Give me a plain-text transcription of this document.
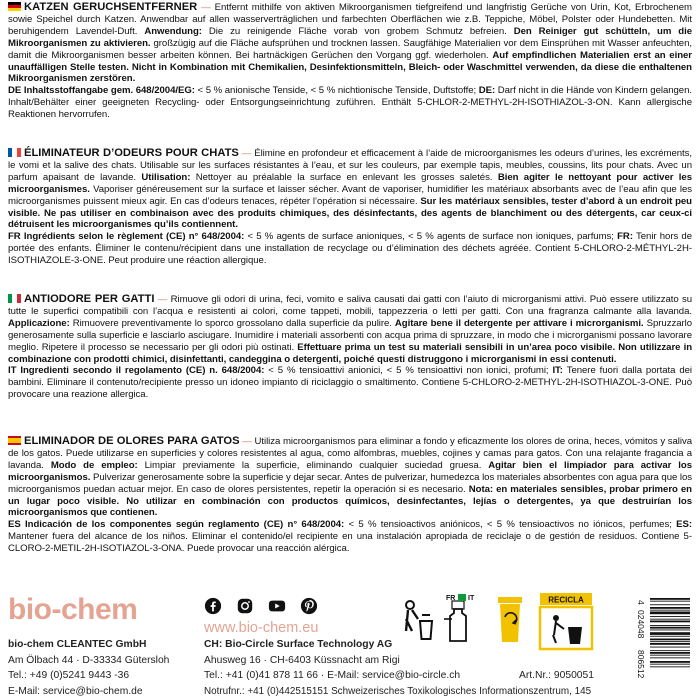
KATZEN GERUCHSENTFERNER — Entfernt mithilfe von aktiven Mikroorganismen tiefgreifend und langfristig Gerüche von Urin, Kot, Erbrochenem sowie Speichel durch Katzen. Anwendbar auf allen wasserverträglichen und farbechten Oberflächen wie z.B. Teppiche, Möbel, Polster oder Hundebetten. Mit beruhigendem Lavendel-Duft. Anwendung: Die zu reinigende Fläche vorab von grobem Schmutz befreien. Den Reiniger gut schütteln, um die Mikroorganismen zu aktivieren. großzügig auf die Fläche aufsprühen und trocknen lassen. Saugfähige Materialien vor dem Einsprühen mit Wasser anfeuchten, damit die Mikroorganismen besser arbeiten können. Bei hartnäckigen Gerüchen den Vorgang ggf. wiederholen. Auf empfindlichen Materialien erst an einer unauffälligen Stelle testen. Nicht in Kombination mit Chemikalien, Desinfektionsmitteln, Bleich- oder Waschmittel verwenden, da diese die enthaltenen Mikroorganismen zerstören.

DE Inhaltsstoffangabe gem. 648/2004/EG: < 5 % anionische Tenside, < 5 % nichtionische Tenside, Duftstoffe; DE: Darf nicht in die Hände von Kindern gelangen. Inhalt/Behälter einer geeigneten Recycling- oder Entsorgungseinrichtung zuführen. Enthält 5-CHLOR-2-METHYL-2H-ISOTHIAZOL-3-ON. Kann allergische Reaktionen hervorrufen.

ÉLIMINATEUR D’ODEURS POUR CHATS — Élimine en profondeur et efficacement à l’aide de microorganismes les odeurs d’urines, les excréments, le vomi et la salive des chats. Utilisable sur les surfaces résistantes à l’eau, et sur les couleurs, par exemple tapis, meubles, coussins, lits pour chats. Avec un parfum apaisant de lavande. Utilisation: Nettoyer au préalable la surface en enlevant les grosses saletés. Bien agiter le nettoyant pour activer les microorganismes. Vaporiser généreusement sur la surface et laisser sécher. Avant de vaporiser, humidifier les matériaux absorbants avec de l’eau afin que les microorganismes puissent mieux agir. En cas d’odeurs tenaces, répéter l’opération si nécessaire. Sur les matériaux sensibles, tester d’abord à un endroit peu visible. Ne pas utiliser en combinaison avec des produits chimiques, des désinfectants, des agents de blanchiment ou des détergents, car ceux-ci détruisent les microorganismes qu’ils contiennent.

FR Ingrédients selon le règlement (CE) n° 648/2004: < 5 % agents de surface anioniques, < 5 % agents de surface non ioniques, parfums; FR: Tenir hors de portée des enfants. Éliminer le contenu/récipient dans une installation de recyclage ou d’élimination des déchets agréée. Contient 5-CHLORO-2-MÉTHYL-2H-ISOTHIAZOLE-3-ONE. Peut produire une réaction allergique.

ANTIODORE PER GATTI — Rimuove gli odori di urina, feci, vomito e saliva causati dai gatti con l’aiuto di microrganismi attivi. Può essere utilizzato su tutte le superfici compatibili con l’acqua e resistenti ai colori, come tappeti, mobili, tappezzeria o letti per gatti. Con una fragranza calmante alla lavanda. Applicazione: Rimuovere preventivamente lo sporco grossolano dalla superficie da pulire. Agitare bene il detergente per attivare i microrganismi. Spruzzarlo generosamente sulla superficie e lasciarlo asciugare. Inumidire i materiali assorbenti con acqua prima di spruzzare, in modo che i microrganismi possano lavorare meglio. Ripetere il processo se necessario per gli odori più ostinati. Effettuare prima un test su materiali sensibili in un’area poco visibile. Non utilizzare in combinazione con prodotti chimici, disinfettanti, candeggina o detergenti, poiché questi distruggono i microrganismi in essi contenuti.

IT Ingredienti secondo il regolamento (CE) n. 648/2004: < 5 % tensioattivi anionici, < 5 % tensioattivi non ionici, profumi; IT: Tenere fuori dalla portata dei bambini. Eliminare il contenuto/recipiente presso un idoneo impianto di riciclaggio o smaltimento. Contiene 5-CHLORO-2-METHYL-2H-ISOTHIAZOL-3-ONE. Può provocare una reazione allergica.

ELIMINADOR DE OLORES PARA GATOS — Utiliza microorganismos para eliminar a fondo y eficazmente los olores de orina, heces, vómitos y saliva de los gatos. Puede utilizarse en superficies y colores resistentes al agua, como alfombras, muebles, cojines y camas para gatos. Con una relajante fragancia a lavanda. Modo de empleo: Limpiar previamente la superficie, eliminando cualquier suciedad gruesa. Agitar bien el limpiador para activar los microorganismos. Pulverizar generosamente sobre la superficie y dejar secar. Antes de pulverizar, humedezca los materiales absorbentes con agua para que los microorganismos puedan actuar mejor. En caso de olores persistentes, repetir la operación si es necesario. Nota: en materiales sensibles, probar primero en un lugar poco visible. No utilizar en combinación con productos químicos, desinfectantes, lejías o detergentes, ya que destruirían los microorganismos que contienen.

ES Indicación de los componentes según reglamento (CE) n° 648/2004: < 5 % tensioactivos aniónicos, < 5 % tensioactivos no iónicos, perfumes; ES: Mantener fuera del alcance de los niños. Eliminar el contenido/el recipiente en una instalación apropiada de reciclaje o de gestión de residuos. Contiene 5-CLORO-2-METIL-2H-ISOTIAZOL-3-ONA. Puede provocar una reacción alérgica.

bio-chem
www.bio-chem.eu
bio-chem CLEANTEC GmbH
Am Ölbach 44 · D-33334 Gütersloh
Tel.: +49 (0)5241 9443 -36
E-Mail: service@bio-chem.de
CH: Bio-Circle Surface Technology AG
Ahusweg 16 · CH-6403 Küssnacht am Rigi
Tel.: +41 (0)41 878 11 66 · E-Mail: service@bio-circle.ch
Notrufnr.: +41 (0)442515151 Schweizerisches Toxikologisches Informationszentrum, 145
Art.Nr.: 9050051
FR IT	RECICLA	4
024048
806512
